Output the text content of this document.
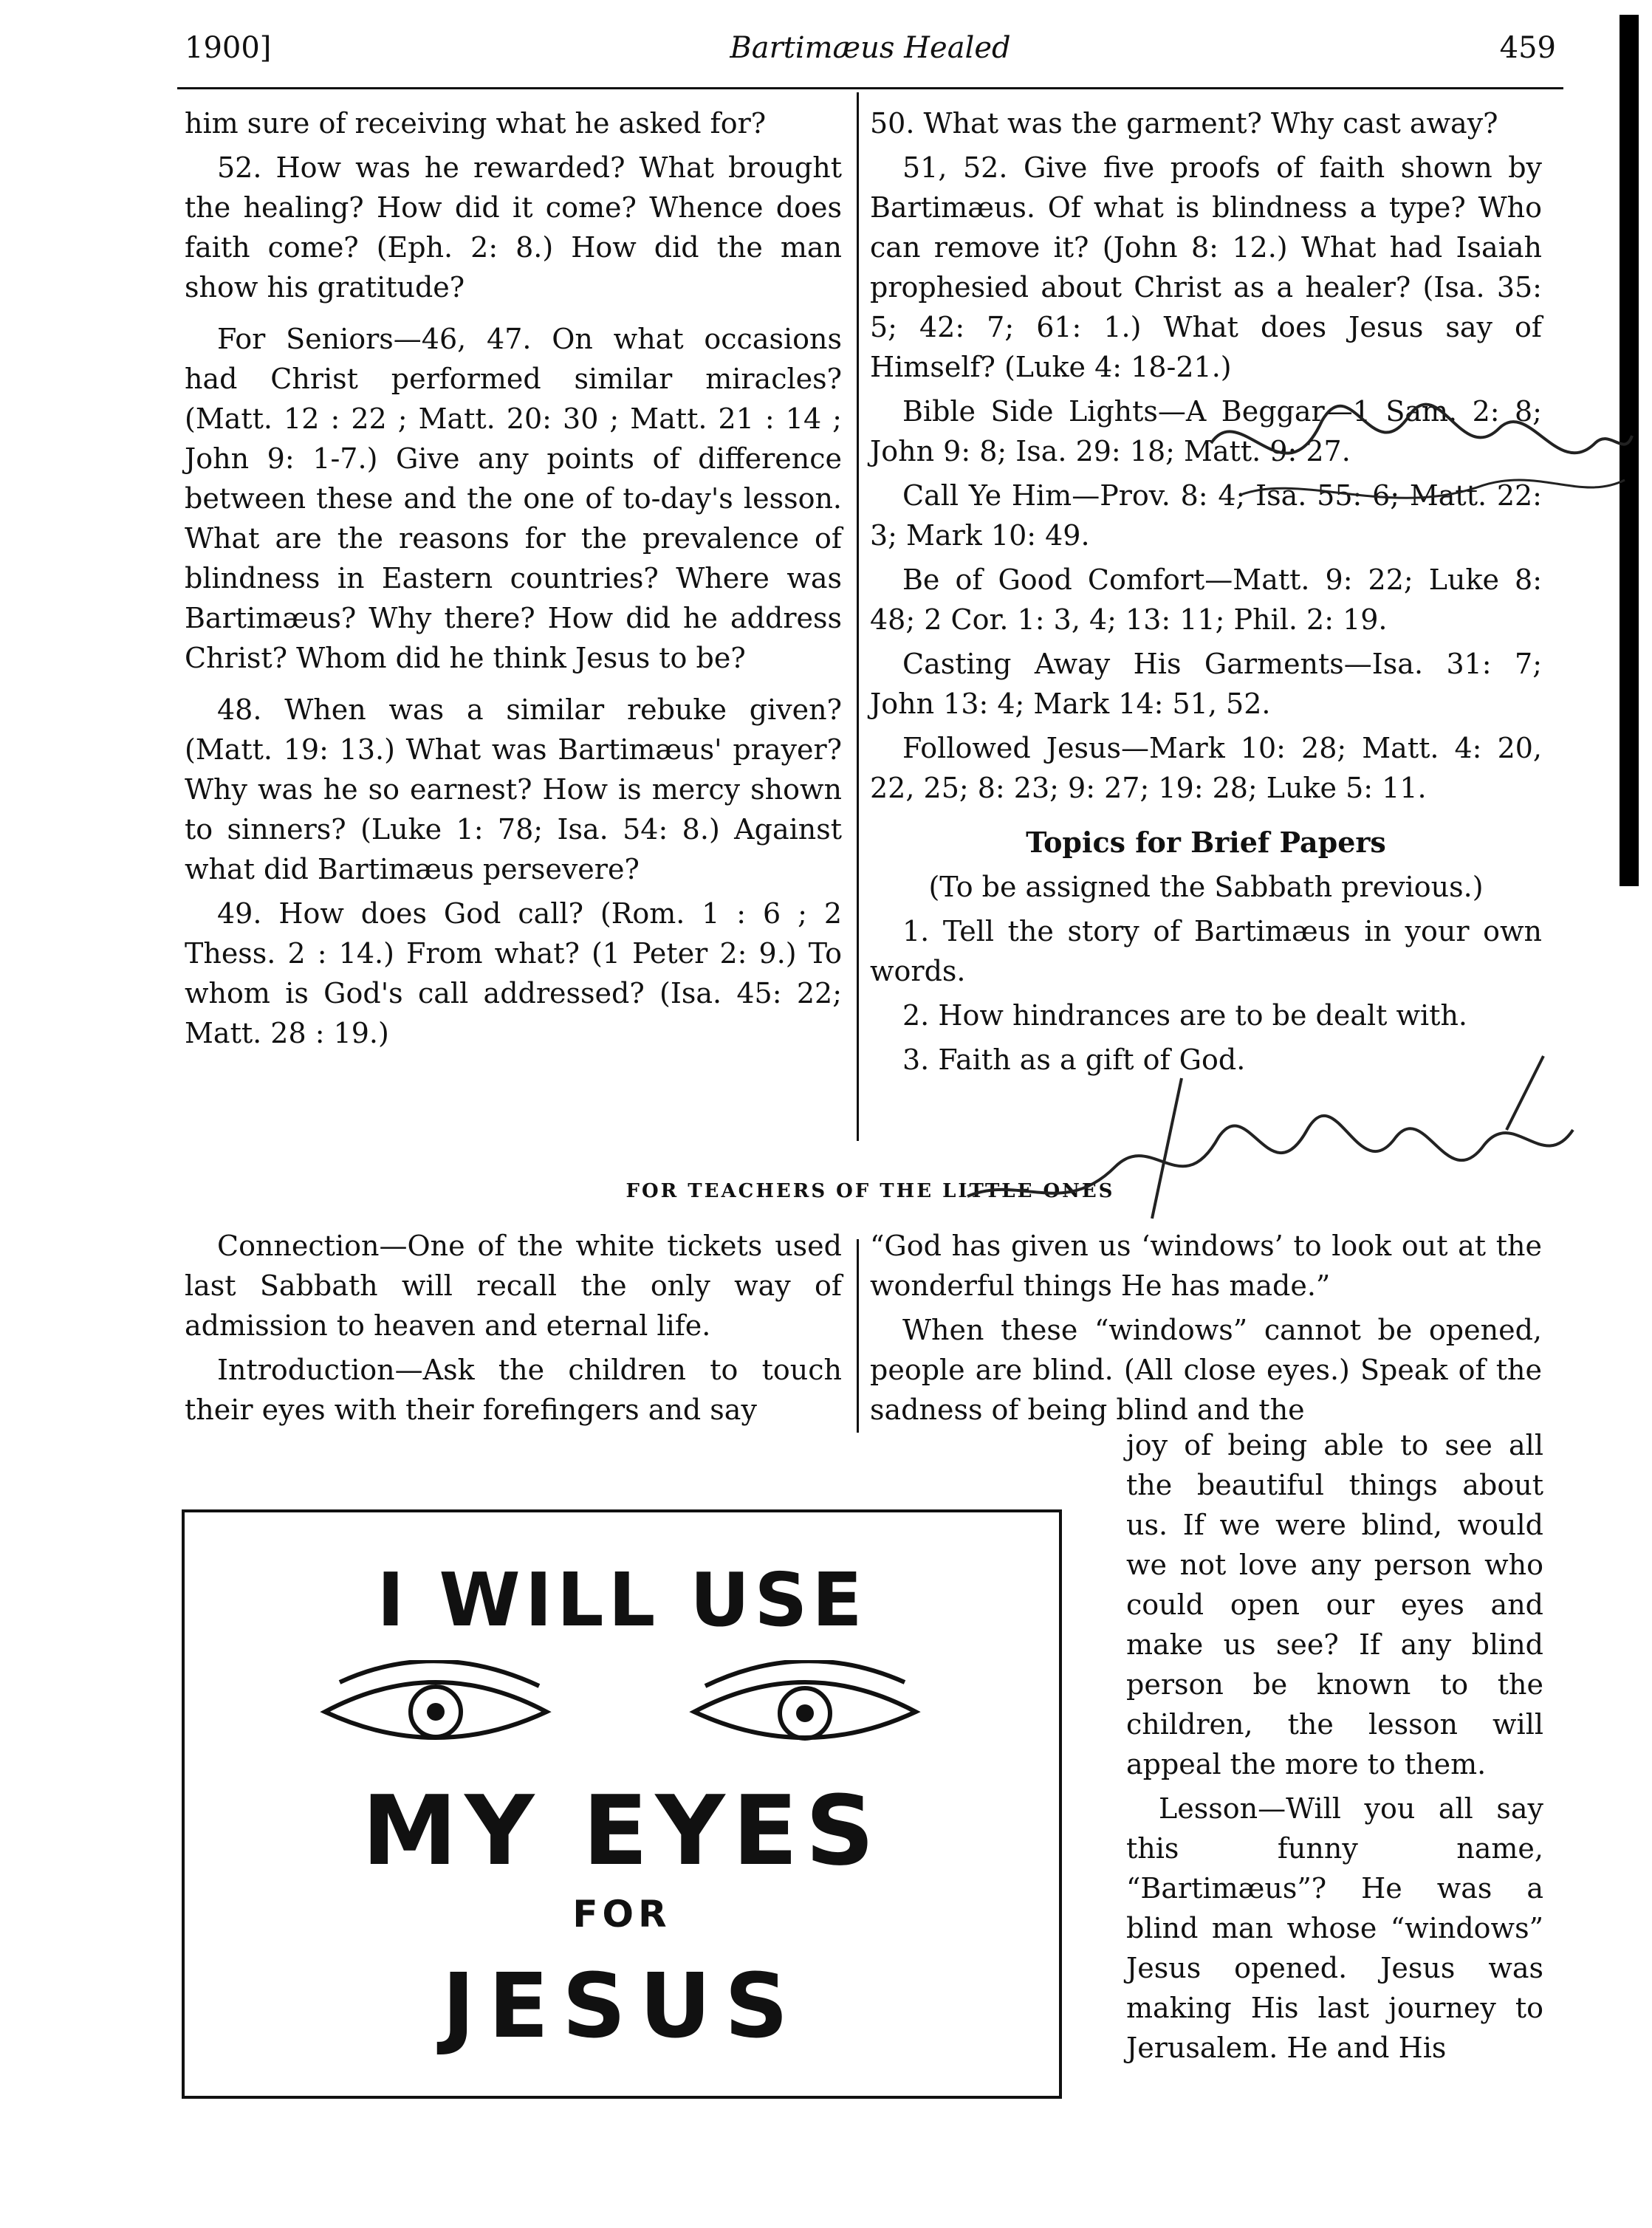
1900]	Bartimæus Healed	459

him sure of receiving what he asked for?

52. How was he rewarded? What brought the healing? How did it come? Whence does faith come? (Eph. 2: 8.) How did the man show his gratitude?

For Seniors—46, 47. On what occasions had Christ performed similar miracles? (Matt. 12 : 22 ; Matt. 20: 30 ; Matt. 21 : 14 ; John 9: 1-7.) Give any points of difference between these and the one of to-day's lesson. What are the reasons for the prevalence of blindness in Eastern countries? Where was Bartimæus? Why there? How did he address Christ? Whom did he think Jesus to be?

48. When was a similar rebuke given? (Matt. 19: 13.) What was Bartimæus' prayer? Why was he so earnest? How is mercy shown to sinners? (Luke 1: 78; Isa. 54: 8.) Against what did Bartimæus persevere?

49. How does God call? (Rom. 1 : 6 ; 2 Thess. 2 : 14.) From what? (1 Peter 2: 9.) To whom is God's call addressed? (Isa. 45: 22; Matt. 28 : 19.)

50. What was the garment? Why cast away?

51, 52. Give five proofs of faith shown by Bartimæus. Of what is blindness a type? Who can remove it? (John 8: 12.) What had Isaiah prophesied about Christ as a healer? (Isa. 35: 5; 42: 7; 61: 1.) What does Jesus say of Himself? (Luke 4: 18-21.)

Bible Side Lights—A Beggar—1 Sam. 2: 8; John 9: 8; Isa. 29: 18; Matt. 9: 27.

Call Ye Him—Prov. 8: 4; Isa. 55: 6; Matt. 22: 3; Mark 10: 49.

Be of Good Comfort—Matt. 9: 22; Luke 8: 48; 2 Cor. 1: 3, 4; 13: 11; Phil. 2: 19.

Casting Away His Garments—Isa. 31: 7; John 13: 4; Mark 14: 51, 52.

Followed Jesus—Mark 10: 28; Matt. 4: 20, 22, 25; 8: 23; 9: 27; 19: 28; Luke 5: 11.

Topics for Brief Papers

(To be assigned the Sabbath previous.)

1. Tell the story of Bartimæus in your own words.

2. How hindrances are to be dealt with.

3. Faith as a gift of God.

FOR TEACHERS OF THE LITTLE ONES

Connection—One of the white tickets used last Sabbath will recall the only way of admission to heaven and eternal life.

Introduction—Ask the children to touch their eyes with their forefingers and say

“God has given us ‘windows’ to look out at the wonderful things He has made.”

When these “windows” cannot be opened, people are blind. (All close eyes.) Speak of the sadness of being blind and the

joy of being able to see all the beautiful things about us. If we were blind, would we not love any person who could open our eyes and make us see? If any blind person be known to the children, the lesson will appeal the more to them.

Lesson—Will you all say this funny name, “Bartimæus”? He was a blind man whose “windows” Jesus opened. Jesus was making His last journey to Jerusalem. He and His

I WILL USE
MY EYES
FOR
JESUS
